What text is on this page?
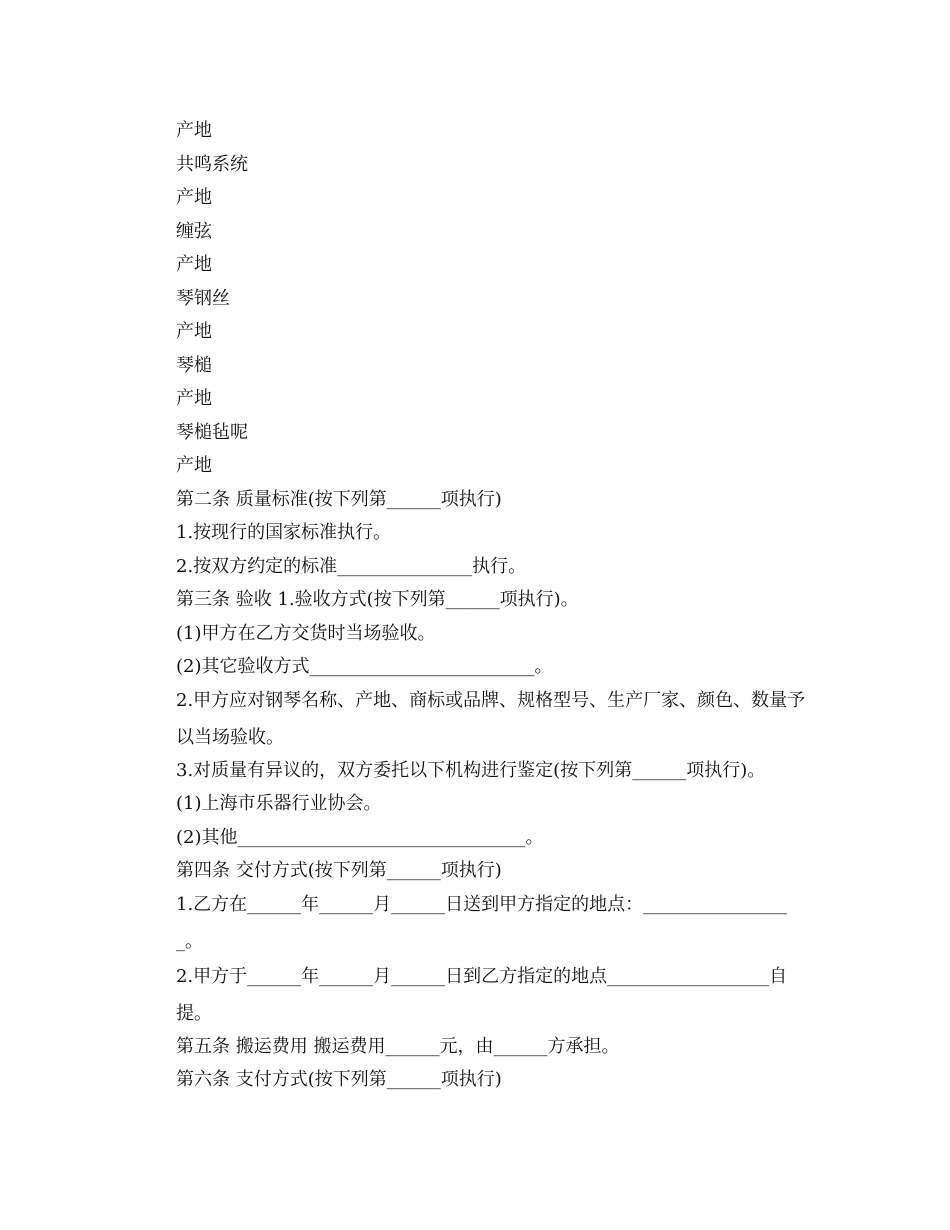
产地
共鸣系统
产地
缠弦
产地
琴钢丝
产地
琴槌
产地
琴槌毡呢
产地
第二条 质量标准(按下列第______项执行)
1.按现行的国家标准执行。
2.按双方约定的标准_______________执行。
第三条 验收 1.验收方式(按下列第______项执行)。
(1)甲方在乙方交货时当场验收。
(2)其它验收方式_________________________。
2.甲方应对钢琴名称、产地、商标或品牌、规格型号、生产厂家、颜色、数量予以当场验收。
3.对质量有异议的，双方委托以下机构进行鉴定(按下列第______项执行)。
(1)上海市乐器行业协会。
(2)其他________________________________。
第四条 交付方式(按下列第______项执行)
1.乙方在______年______月______日送到甲方指定的地点：_________________。
2.甲方于______年______月______日到乙方指定的地点__________________自提。
第五条 搬运费用 搬运费用______元，由______方承担。
第六条 支付方式(按下列第______项执行)
